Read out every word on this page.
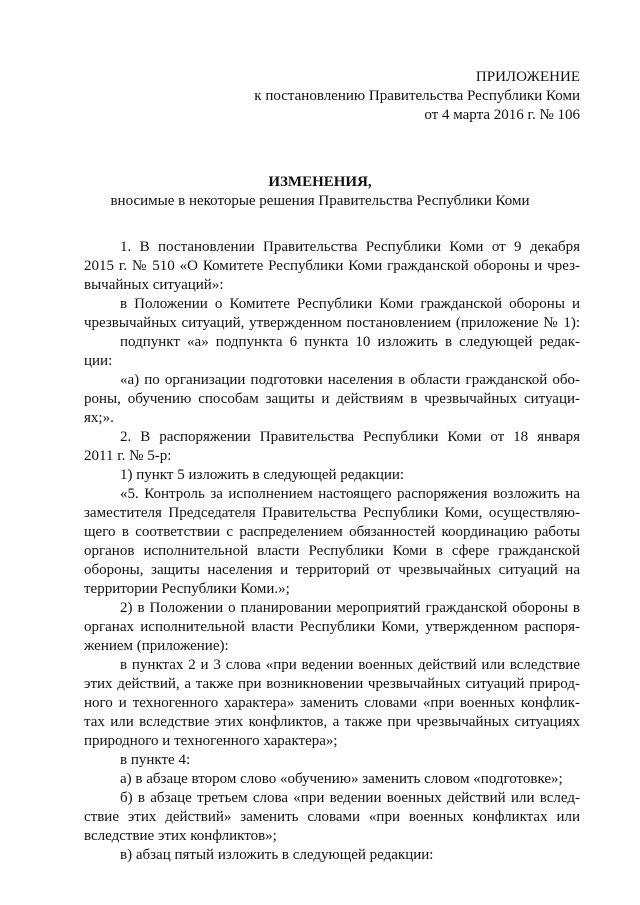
ПРИЛОЖЕНИЕ
к постановлению Правительства Республики Коми
от 4 марта 2016 г. № 106
ИЗМЕНЕНИЯ,
вносимые в некоторые решения Правительства Республики Коми
1. В постановлении Правительства Республики Коми от 9 декабря
2015 г. № 510 «О Комитете Республики Коми гражданской обороны и чрез-
вычайных ситуаций»:
в Положении о Комитете Республики Коми гражданской обороны и
чрезвычайных ситуаций, утвержденном постановлением (приложение № 1):
подпункт «а» подпункта 6 пункта 10 изложить в следующей редак-
ции:
«а) по организации подготовки населения в области гражданской обо-
роны, обучению способам защиты и действиям в чрезвычайных ситуаци-
ях;».
2. В распоряжении Правительства Республики Коми от 18 января
2011 г. № 5-р:
1) пункт 5 изложить в следующей редакции:
«5. Контроль за исполнением настоящего распоряжения возложить на
заместителя Председателя Правительства Республики Коми, осуществляю-
щего в соответствии с распределением обязанностей координацию работы
органов исполнительной власти Республики Коми в сфере гражданской
обороны, защиты населения и территорий от чрезвычайных ситуаций на
территории Республики Коми.»;
2) в Положении о планировании мероприятий гражданской обороны в
органах исполнительной власти Республики Коми, утвержденном распоря-
жением (приложение):
в пунктах 2 и 3 слова «при ведении военных действий или вследствие
этих действий, а также при возникновении чрезвычайных ситуаций природ-
ного и техногенного характера» заменить словами «при военных конфлик-
тах или вследствие этих конфликтов, а также при чрезвычайных ситуациях
природного и техногенного характера»;
в пункте 4:
а) в абзаце втором слово «обучению» заменить словом «подготовке»;
б) в абзаце третьем слова «при ведении военных действий или вслед-
ствие этих действий» заменить словами «при военных конфликтах или
вследствие этих конфликтов»;
в) абзац пятый изложить в следующей редакции:
